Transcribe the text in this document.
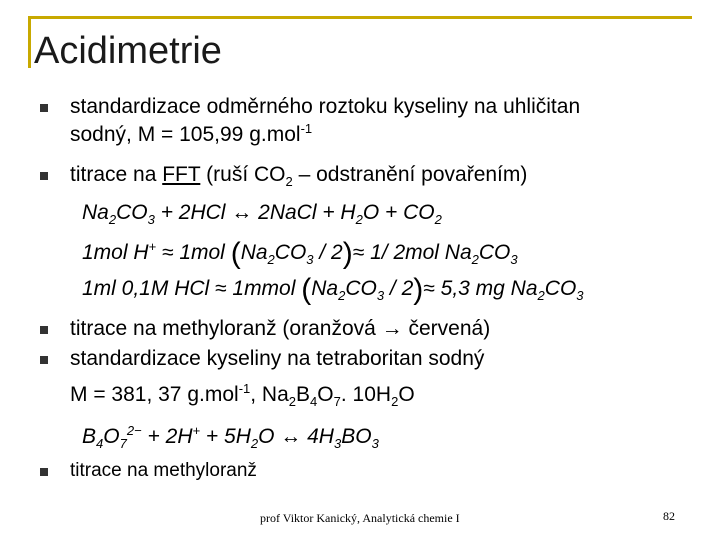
Acidimetrie
standardizace odměrného roztoku kyseliny na uhličitan
sodný, M = 105,99 g.mol$^{-1}$
titrace na FFT (ruší $CO_2$ – odstranění povařením)
$Na_2CO_3 + 2HCl$ ↔ 2NaCl + $H_2O + CO_2$
1mol H+ ≈ 1mol $(Na_2CO_3 / 2)\approx 1/$ 2mol $Na_2CO_3$
1ml 0,1M HCl ≈ 1mmol $(Na_2CO_3 / 2)\approx 5,3$ mg $Na_2CO_3$
titrace na methyloranž (oranžová → červená)
standardizace kyseliny na tetraboritan sodný
M = 381, 37 g.mol$^{-1}$, $Na_2B_4O_7$. $10H_2O$
$B_4O_7^{2-} + 2H^+ + 5H_2O$ ↔ $4H_3BO_3$
titrace na methyloranž
prof Viktor Kanický, Analytická chemie I	82
